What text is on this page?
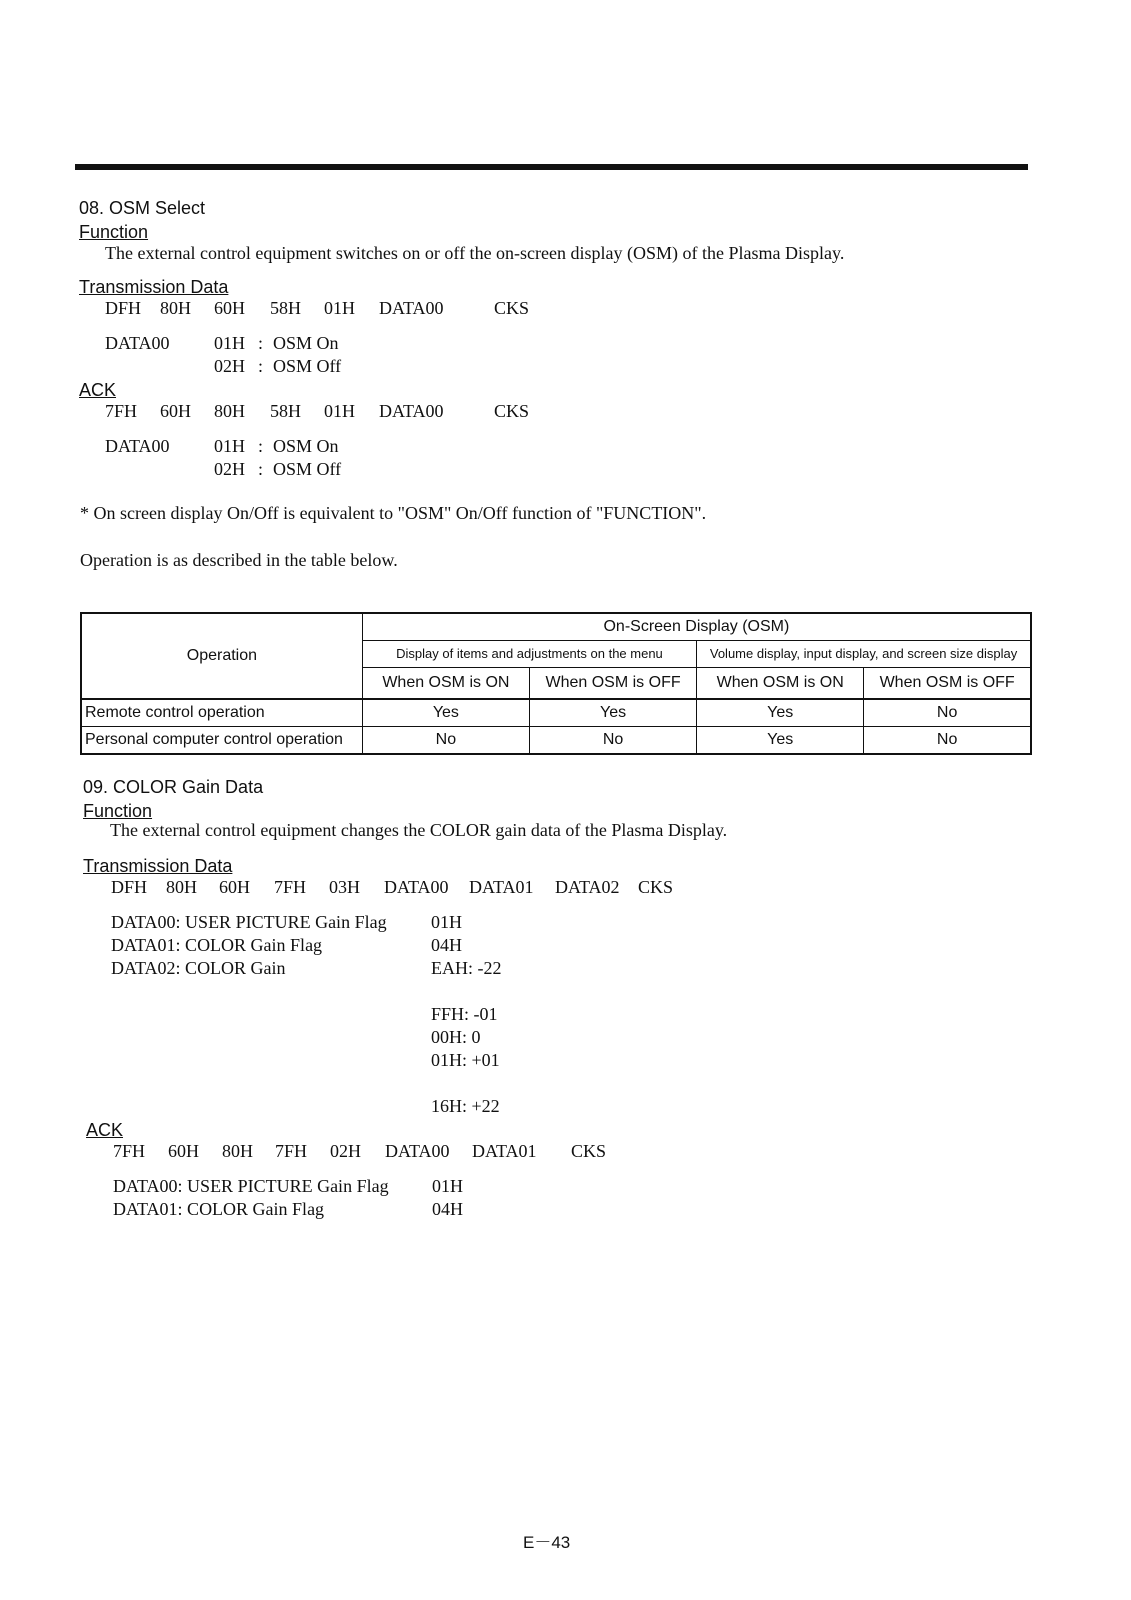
08. OSM Select
Function
The external control equipment switches on or off the on-screen display (OSM) of the Plasma Display.
Transmission Data
DFH 80H 60H 58H 01H DATA00	CKS
DATA00 01H : OSM On
02H : OSM Off
ACK
7FH 60H 80H 58H 01H DATA00	CKS
DATA00 01H : OSM On
02H : OSM Off
* On screen display On/Off is equivalent to "OSM" On/Off function of "FUNCTION".
Operation is as described in the table below.
Operation	On-Screen Display (OSM)			
	Display of items and adjustments on the menu		Volume display, input display, and screen size display	
	When OSM is ON	When OSM is OFF	When OSM is ON	When OSM is OFF
Remote control operation	Yes	Yes	Yes	No
Personal computer control operation	No	No	Yes	No
09. COLOR Gain Data
Function
The external control equipment changes the COLOR gain data of the Plasma Display.
Transmission Data
DFH 80H 60H 7FH 03H DATA00 DATA01 DATA02 CKS
DATA00: USER PICTURE Gain Flag 01H
DATA01: COLOR Gain Flag	04H
DATA02: COLOR Gain	EAH: -22
FFH: -01
00H: 0
01H: +01
16H: +22
ACK
7FH 60H 80H 7FH 02H DATA00 DATA01 CKS
DATA00: USER PICTURE Gain Flag 01H
DATA01: COLOR Gain Flag	04H
E－43
